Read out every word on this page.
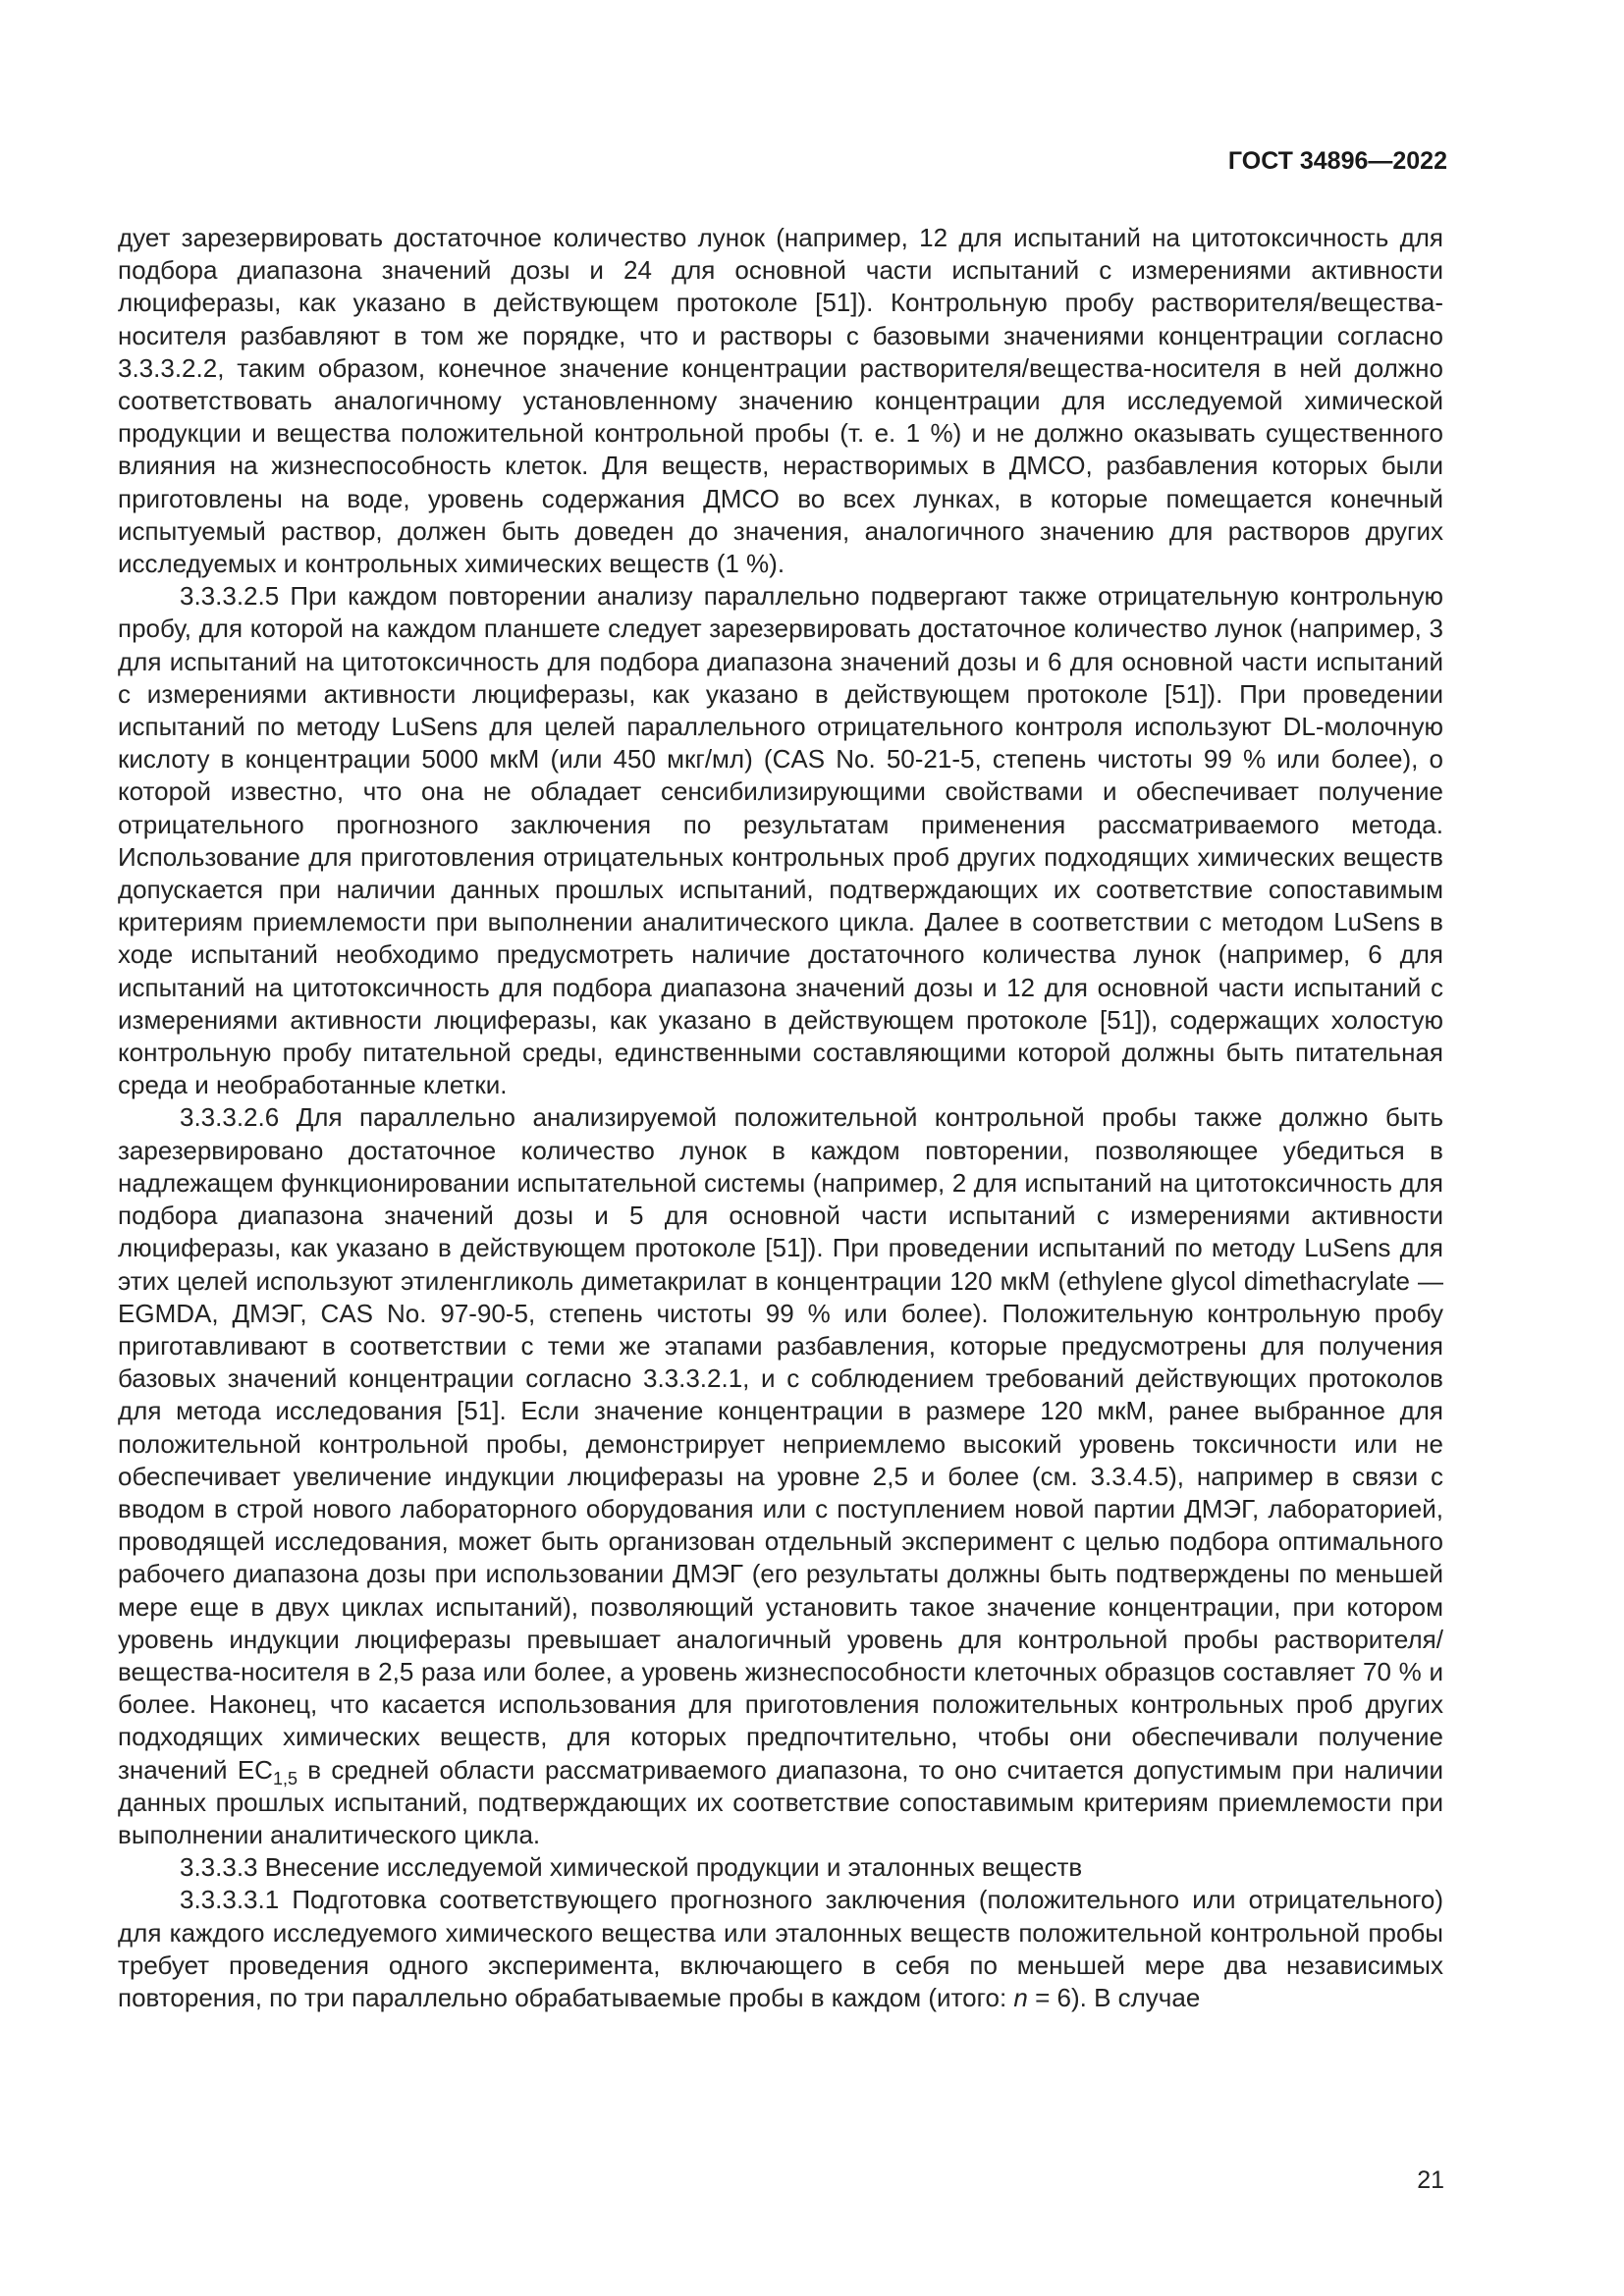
ГОСТ 34896—2022

дует зарезервировать достаточное количество лунок (например, 12 для испытаний на цитотоксичность для подбора диапазона значений дозы и 24 для основной части испытаний с измерениями активности люциферазы, как указано в действующем протоколе [51]). Контрольную пробу растворителя/вещества-носителя разбавляют в том же порядке, что и растворы с базовыми значениями концентрации согласно 3.3.3.2.2, таким образом, конечное значение концентрации растворителя/вещества-носителя в ней должно соответствовать аналогичному установленному значению концентрации для исследуемой химической продукции и вещества положительной контрольной пробы (т. е. 1 %) и не должно оказывать существенного влияния на жизнеспособность клеток. Для веществ, нерастворимых в ДМСО, разбавления которых были приготовлены на воде, уровень содержания ДМСО во всех лунках, в которые помещается конечный испытуемый раствор, должен быть доведен до значения, аналогичного значению для растворов других исследуемых и контрольных химических веществ (1 %).

3.3.3.2.5 При каждом повторении анализу параллельно подвергают также отрицательную контрольную пробу, для которой на каждом планшете следует зарезервировать достаточное количество лунок (например, 3 для испытаний на цитотоксичность для подбора диапазона значений дозы и 6 для основной части испытаний с измерениями активности люциферазы, как указано в действующем протоколе [51]). При проведении испытаний по методу LuSens для целей параллельного отрицательного контроля используют DL-молочную кислоту в концентрации 5000 мкМ (или 450 мкг/мл) (CAS No. 50-21-5, степень чистоты 99 % или более), о которой известно, что она не обладает сенсибилизирующими свойствами и обеспечивает получение отрицательного прогнозного заключения по результатам применения рассматриваемого метода. Использование для приготовления отрицательных контрольных проб других подходящих химических веществ допускается при наличии данных прошлых испытаний, подтверждающих их соответствие сопоставимым критериям приемлемости при выполнении аналитического цикла. Далее в соответствии с методом LuSens в ходе испытаний необходимо предусмотреть наличие достаточного количества лунок (например, 6 для испытаний на цитотоксичность для подбора диапазона значений дозы и 12 для основной части испытаний с измерениями активности люциферазы, как указано в действующем протоколе [51]), содержащих холостую контрольную пробу питательной среды, единственными составляющими которой должны быть питательная среда и необработанные клетки.

3.3.3.2.6 Для параллельно анализируемой положительной контрольной пробы также должно быть зарезервировано достаточное количество лунок в каждом повторении, позволяющее убедиться в надлежащем функционировании испытательной системы (например, 2 для испытаний на цитотоксичность для подбора диапазона значений дозы и 5 для основной части испытаний с измерениями активности люциферазы, как указано в действующем протоколе [51]). При проведении испытаний по методу LuSens для этих целей используют этиленгликоль диметакрилат в концентрации 120 мкМ (ethylene glycol dimethacrylate — EGMDA, ДМЭГ, CAS No. 97-90-5, степень чистоты 99 % или более). Положительную контрольную пробу приготавливают в соответствии с теми же этапами разбавления, которые предусмотрены для получения базовых значений концентрации согласно 3.3.3.2.1, и с соблюдением требований действующих протоколов для метода исследования [51]. Если значение концентрации в размере 120 мкМ, ранее выбранное для положительной контрольной пробы, демонстрирует неприемлемо высокий уровень токсичности или не обеспечивает увеличение индукции люциферазы на уровне 2,5 и более (см. 3.3.4.5), например в связи с вводом в строй нового лабораторного оборудования или с поступлением новой партии ДМЭГ, лабораторией, проводящей исследования, может быть организован отдельный эксперимент с целью подбора оптимального рабочего диапазона дозы при использовании ДМЭГ (его результаты должны быть подтверждены по меньшей мере еще в двух циклах испытаний), позволяющий установить такое значение концентрации, при котором уровень индукции люциферазы превышает аналогичный уровень для контрольной пробы растворителя/вещества-носителя в 2,5 раза или более, а уровень жизнеспособности клеточных образцов составляет 70 % и более. Наконец, что касается использования для приготовления положительных контрольных проб других подходящих химических веществ, для которых предпочтительно, чтобы они обеспечивали получение значений $EC_{1,5}$ в средней области рассматриваемого диапазона, то оно считается допустимым при наличии данных прошлых испытаний, подтверждающих их соответствие сопоставимым критериям приемлемости при выполнении аналитического цикла.

3.3.3.3 Внесение исследуемой химической продукции и эталонных веществ

3.3.3.3.1 Подготовка соответствующего прогнозного заключения (положительного или отрицательного) для каждого исследуемого химического вещества или эталонных веществ положительной контрольной пробы требует проведения одного эксперимента, включающего в себя по меньшей мере два независимых повторения, по три параллельно обрабатываемые пробы в каждом (итого: n = 6). В случае

21
